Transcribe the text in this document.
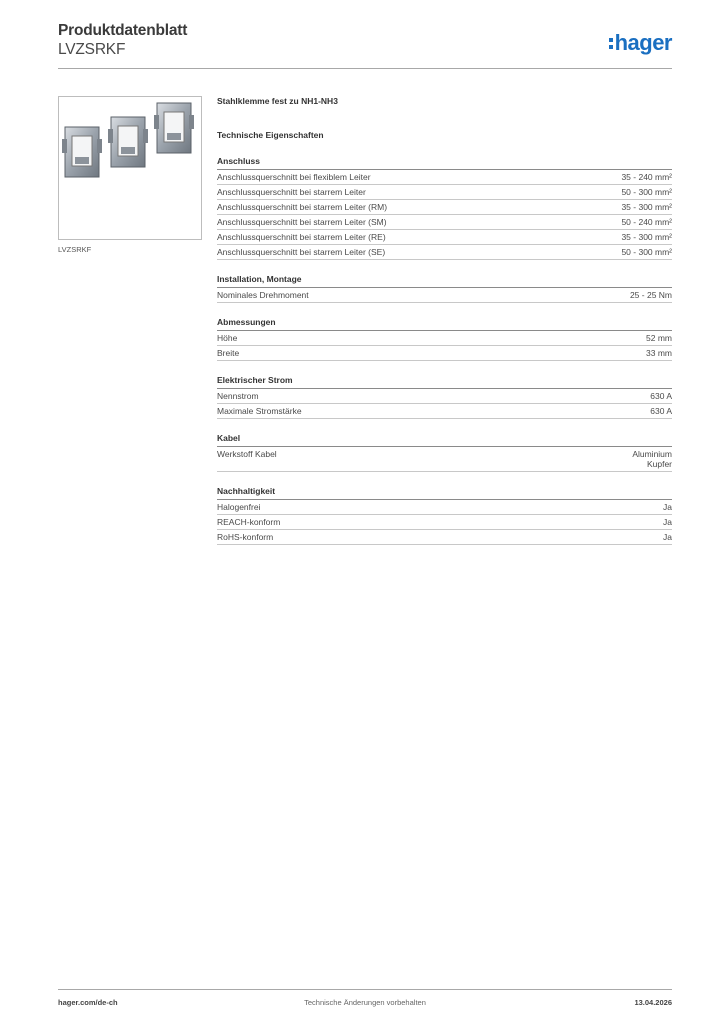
Produktdatenblatt
LVZSRKF	hager
LVZSRKF
Stahlklemme fest zu NH1-NH3
Technische Eigenschaften
Anschluss
Anschlussquerschnitt bei flexiblem Leiter	35 - 240 mm²
Anschlussquerschnitt bei starrem Leiter	50 - 300 mm²
Anschlussquerschnitt bei starrem Leiter (RM)	35 - 300 mm²
Anschlussquerschnitt bei starrem Leiter (SM)	50 - 240 mm²
Anschlussquerschnitt bei starrem Leiter (RE)	35 - 300 mm²
Anschlussquerschnitt bei starrem Leiter (SE)	50 - 300 mm²
Installation, Montage
Nominales Drehmoment	25 - 25 Nm
Abmessungen
Höhe	52 mm
Breite	33 mm
Elektrischer Strom
Nennstrom	630 A
Maximale Stromstärke	630 A
Kabel
Werkstoff Kabel	Aluminium
Kupfer
Nachhaltigkeit
Halogenfrei	Ja
REACH-konform	Ja
RoHS-konform	Ja
hager.com/de-ch	Technische Änderungen vorbehalten	13.04.2026
